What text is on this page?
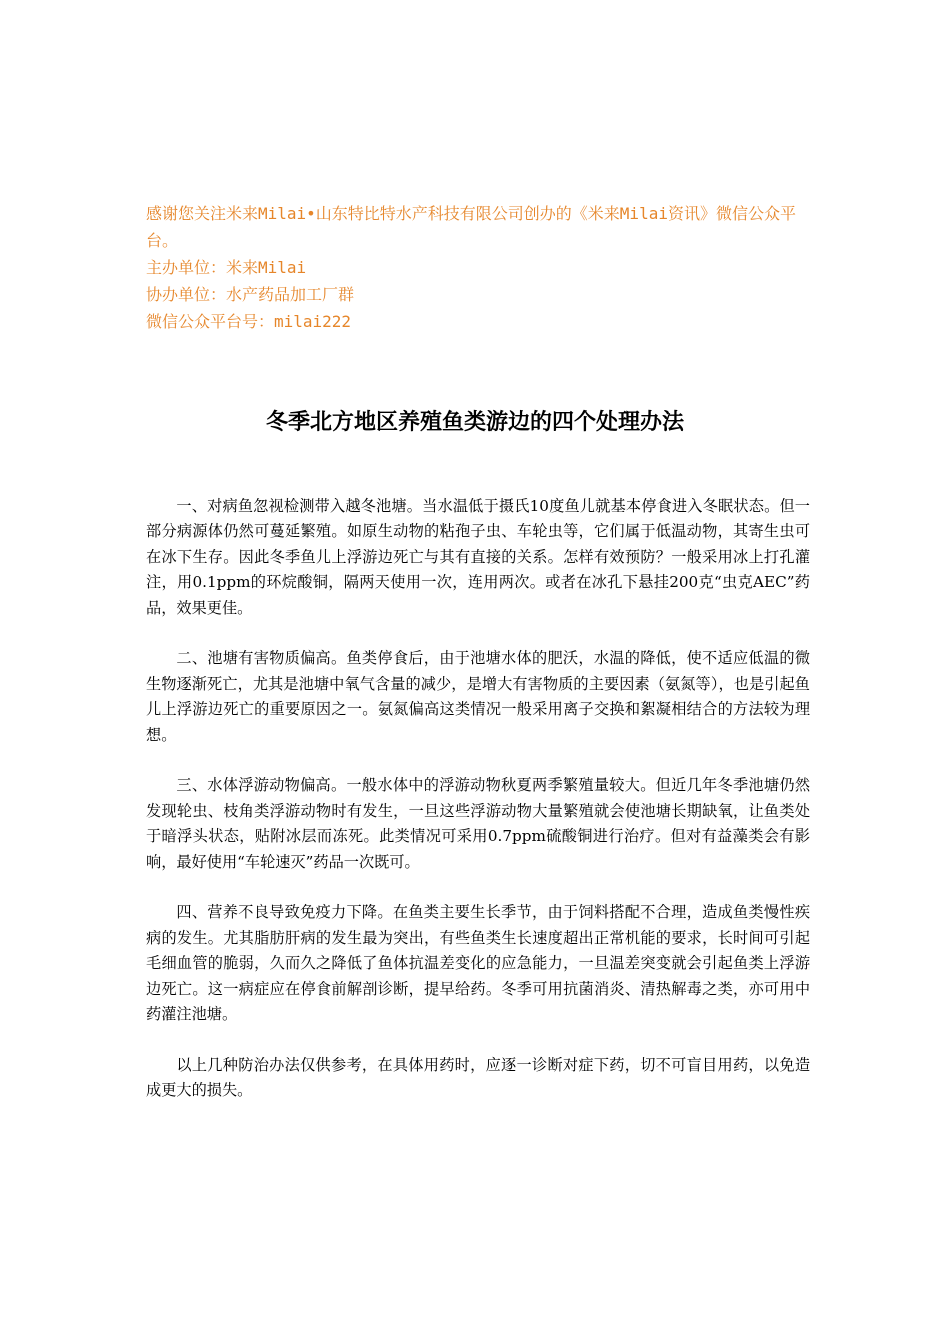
感谢您关注米来Milai•山东特比特水产科技有限公司创办的《米来Milai资讯》微信公众平台。

主办单位：米来Milai

协办单位：水产药品加工厂群

微信公众平台号：milai222

冬季北方地区养殖鱼类游边的四个处理办法

一、对病鱼忽视检测带入越冬池塘。当水温低于摄氏10度鱼儿就基本停食进入冬眠状态。但一部分病源体仍然可蔓延繁殖。如原生动物的粘孢子虫、车轮虫等，它们属于低温动物，其寄生虫可在冰下生存。因此冬季鱼儿上浮游边死亡与其有直接的关系。怎样有效预防？一般采用冰上打孔灌注，用0.1ppm的环烷酸铜，隔两天使用一次，连用两次。或者在冰孔下悬挂200克“虫克AEC”药品，效果更佳。

二、池塘有害物质偏高。鱼类停食后，由于池塘水体的肥沃，水温的降低，使不适应低温的微生物逐渐死亡，尤其是池塘中氧气含量的减少，是增大有害物质的主要因素（氨氮等），也是引起鱼儿上浮游边死亡的重要原因之一。氨氮偏高这类情况一般采用离子交换和絮凝相结合的方法较为理想。

三、水体浮游动物偏高。一般水体中的浮游动物秋夏两季繁殖量较大。但近几年冬季池塘仍然发现轮虫、枝角类浮游动物时有发生，一旦这些浮游动物大量繁殖就会使池塘长期缺氧，让鱼类处于暗浮头状态，贴附冰层而冻死。此类情况可采用0.7ppm硫酸铜进行治疗。但对有益藻类会有影响，最好使用“车轮速灭”药品一次既可。

四、营养不良导致免疫力下降。在鱼类主要生长季节，由于饲料搭配不合理，造成鱼类慢性疾病的发生。尤其脂肪肝病的发生最为突出，有些鱼类生长速度超出正常机能的要求，长时间可引起毛细血管的脆弱，久而久之降低了鱼体抗温差变化的应急能力，一旦温差突变就会引起鱼类上浮游边死亡。这一病症应在停食前解剖诊断，提早给药。冬季可用抗菌消炎、清热解毒之类，亦可用中药灌注池塘。

以上几种防治办法仅供参考，在具体用药时，应逐一诊断对症下药，切不可盲目用药，以免造成更大的损失。
